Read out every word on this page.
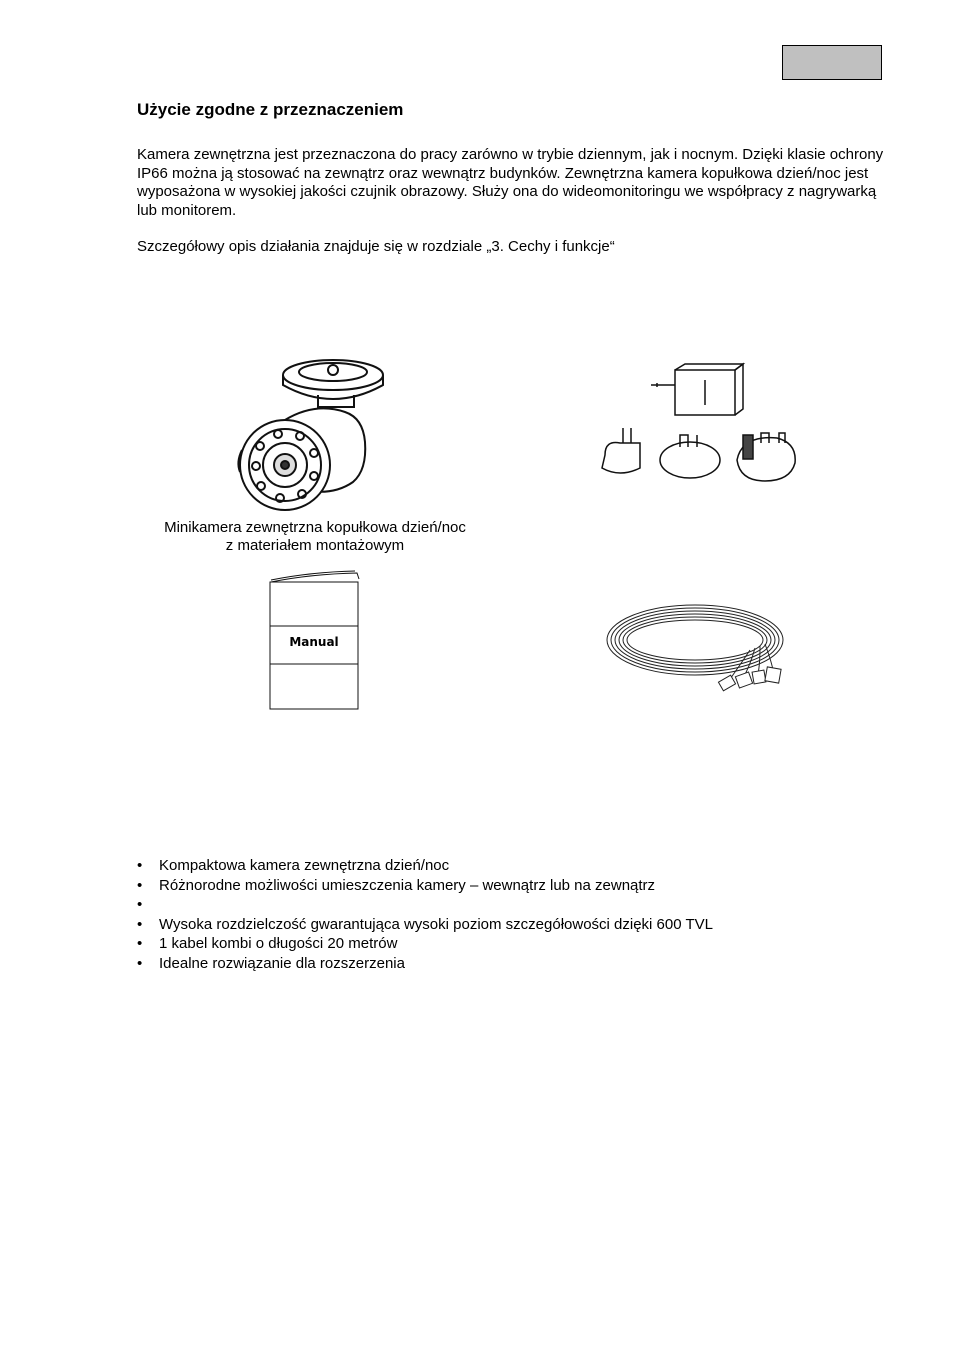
Użycie zgodne z przeznaczeniem

Kamera zewnętrzna jest przeznaczona do pracy zarówno w trybie dziennym, jak i nocnym. Dzięki klasie ochrony IP66 można ją stosować na zewnątrz oraz wewnątrz budynków. Zewnętrzna kamera kopułkowa dzień/noc jest wyposażona w wysokiej jakości czujnik obrazowy. Służy ona do wideomonitoringu we współpracy z nagrywarką lub monitorem.

Szczegółowy opis działania znajduje się w rozdziale „3. Cechy i funkcje“

Minikamera zewnętrzna kopułkowa dzień/noc
z materiałem montażowym
Manual
• Kompaktowa kamera zewnętrzna dzień/noc
• Różnorodne możliwości umieszczenia kamery – wewnątrz lub na zewnątrz
•
• Wysoka rozdzielczość gwarantująca wysoki poziom szczegółowości dzięki 600 TVL
• 1 kabel kombi o długości 20 metrów
• Idealne rozwiązanie dla rozszerzenia
